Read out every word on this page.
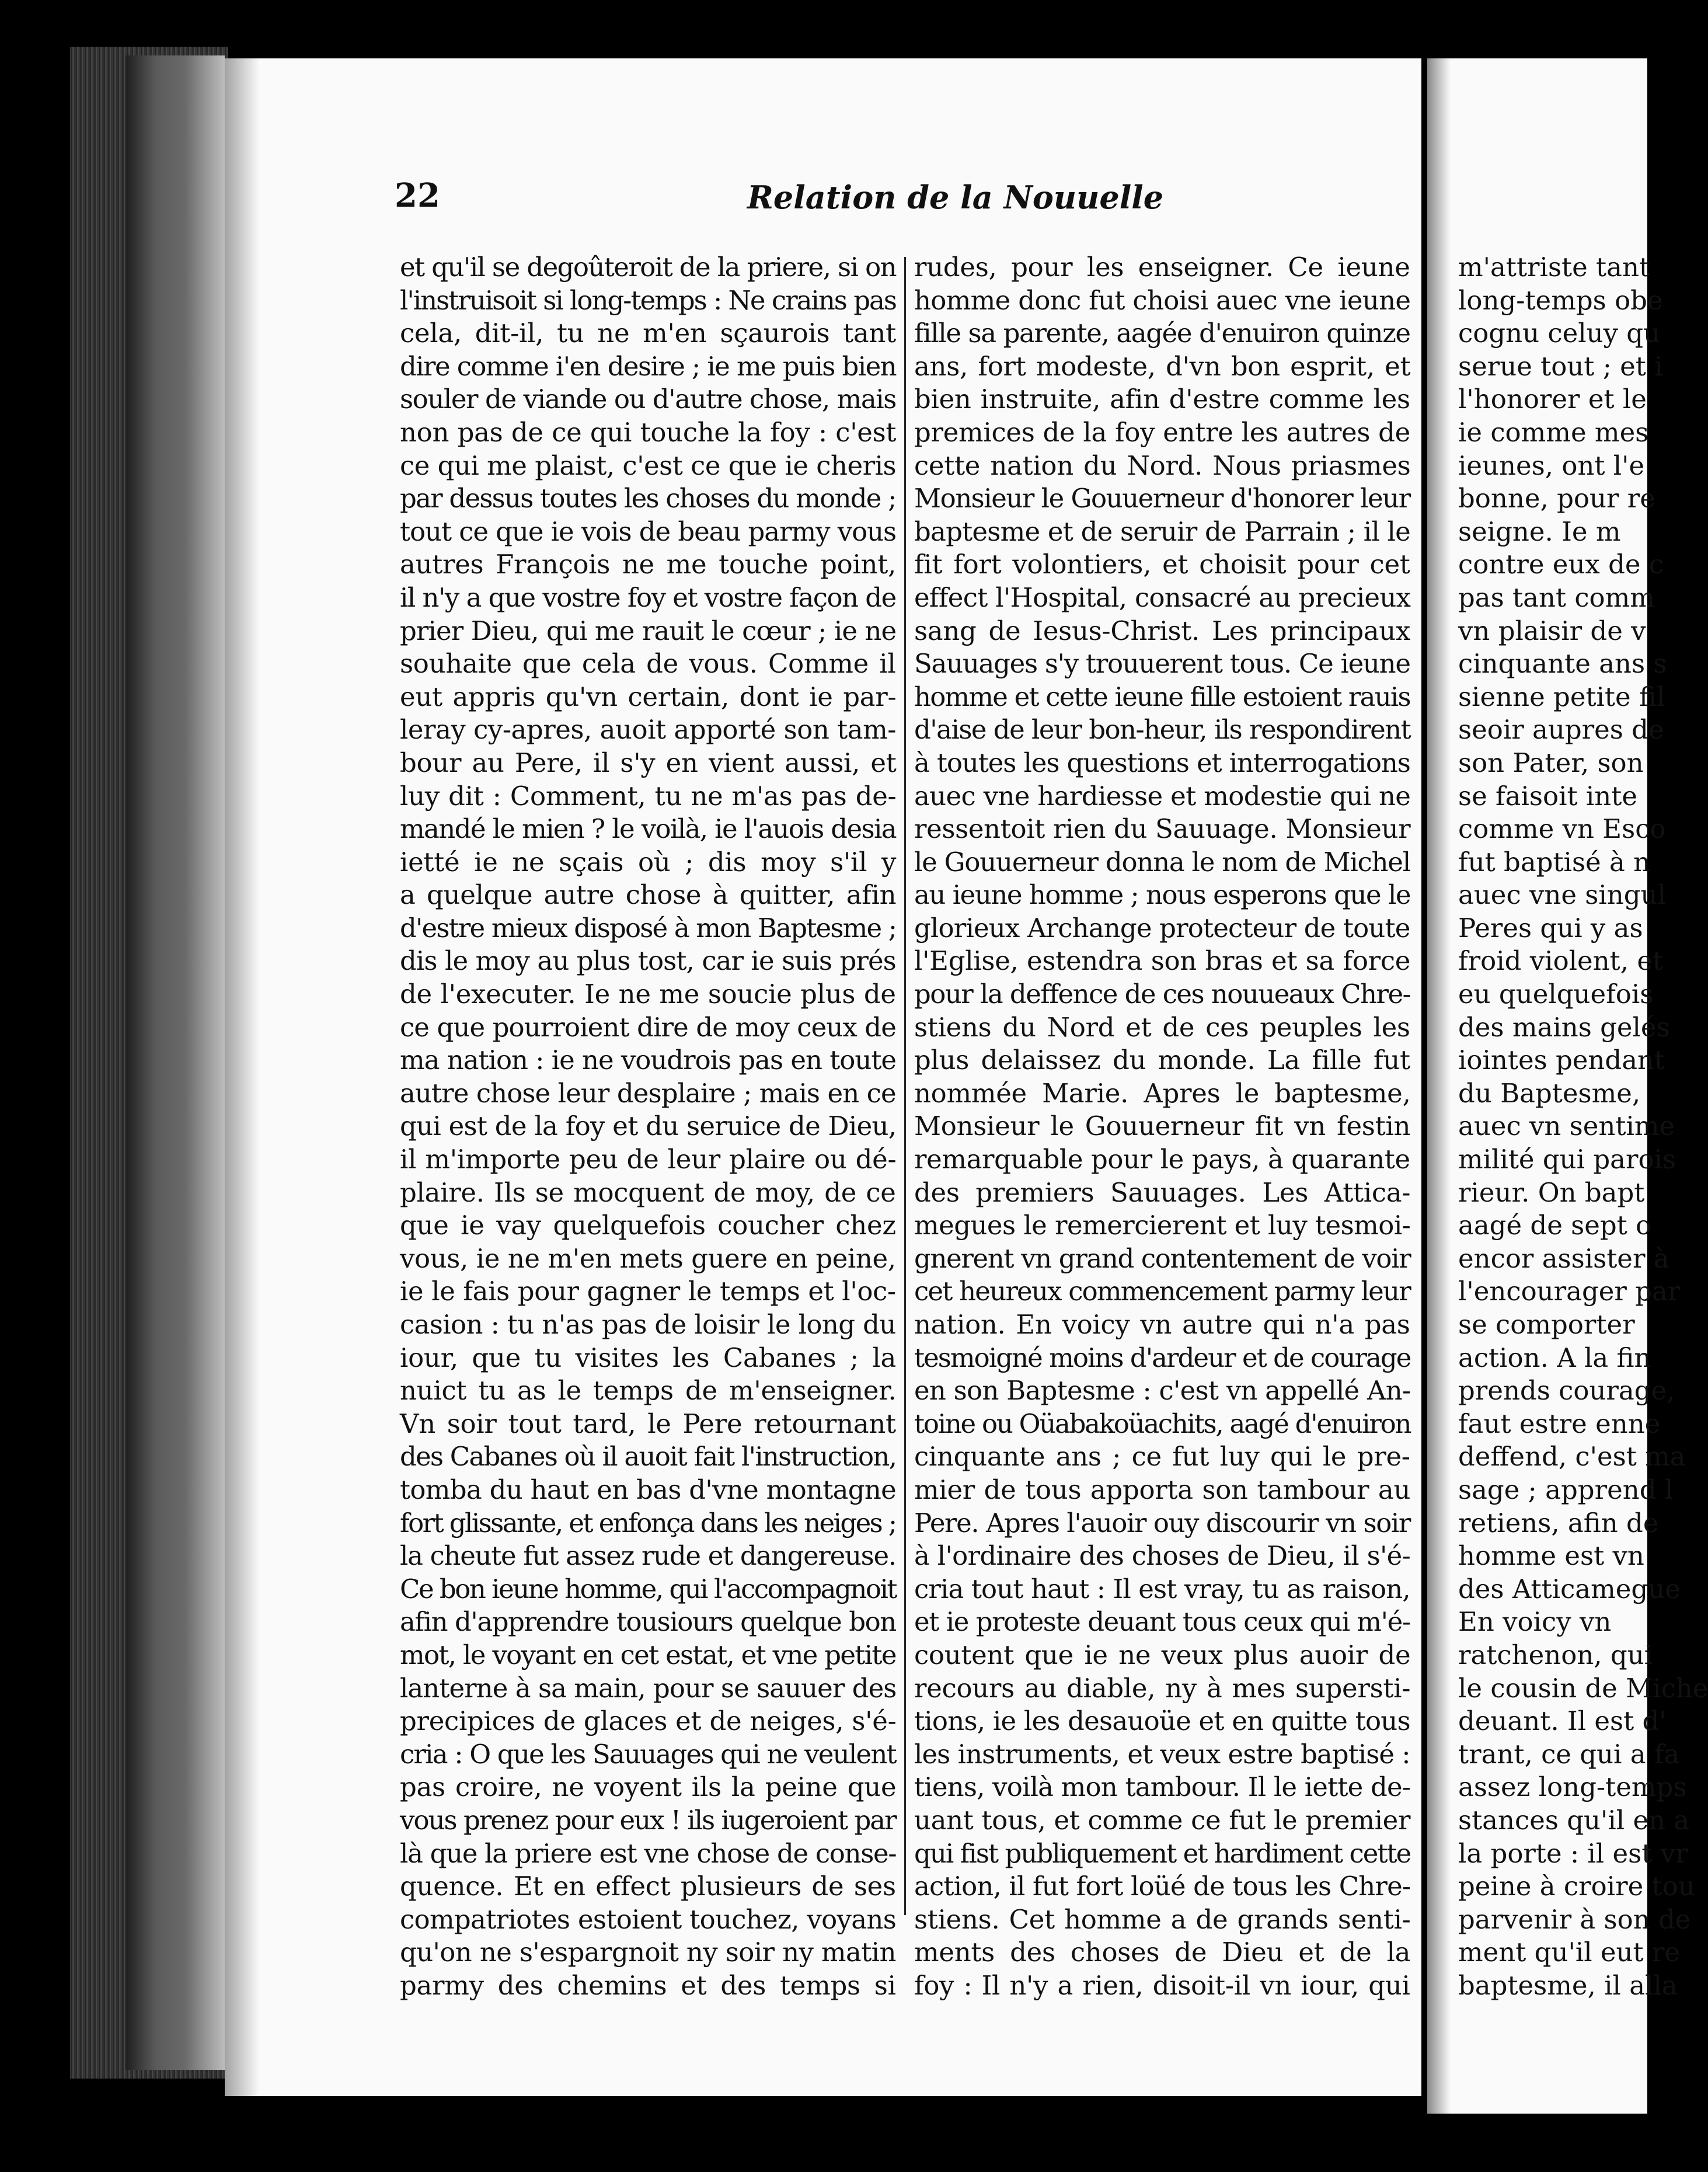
22	Relation de la Nouuelle
et qu'il se degoûteroit de la priere, si on
l'instruisoit si long-temps : Ne crains pas
cela, dit-il, tu ne m'en sçaurois tant
dire comme i'en desire ; ie me puis bien
souler de viande ou d'autre chose, mais
non pas de ce qui touche la foy : c'est
ce qui me plaist, c'est ce que ie cheris
par dessus toutes les choses du monde ;
tout ce que ie vois de beau parmy vous
autres François ne me touche point,
il n'y a que vostre foy et vostre façon de
prier Dieu, qui me rauit le cœur ; ie ne
souhaite que cela de vous. Comme il
eut appris qu'vn certain, dont ie par-
leray cy-apres, auoit apporté son tam-
bour au Pere, il s'y en vient aussi, et
luy dit : Comment, tu ne m'as pas de-
mandé le mien ? le voilà, ie l'auois desia
ietté ie ne sçais où ; dis moy s'il y
a quelque autre chose à quitter, afin
d'estre mieux disposé à mon Baptesme ;
dis le moy au plus tost, car ie suis prés
de l'executer. Ie ne me soucie plus de
ce que pourroient dire de moy ceux de
ma nation : ie ne voudrois pas en toute
autre chose leur desplaire ; mais en ce
qui est de la foy et du seruice de Dieu,
il m'importe peu de leur plaire ou dé-
plaire. Ils se mocquent de moy, de ce
que ie vay quelquefois coucher chez
vous, ie ne m'en mets guere en peine,
ie le fais pour gagner le temps et l'oc-
casion : tu n'as pas de loisir le long du
iour, que tu visites les Cabanes ; la
nuict tu as le temps de m'enseigner.
Vn soir tout tard, le Pere retournant
des Cabanes où il auoit fait l'instruction,
tomba du haut en bas d'vne montagne
fort glissante, et enfonça dans les neiges ;
la cheute fut assez rude et dangereuse.
Ce bon ieune homme, qui l'accompagnoit
afin d'apprendre tousiours quelque bon
mot, le voyant en cet estat, et vne petite
lanterne à sa main, pour se sauuer des
precipices de glaces et de neiges, s'é-
cria : O que les Sauuages qui ne veulent
pas croire, ne voyent ils la peine que
vous prenez pour eux ! ils iugeroient par
là que la priere est vne chose de conse-
quence. Et en effect plusieurs de ses
compatriotes estoient touchez, voyans
qu'on ne s'espargnoit ny soir ny matin
parmy des chemins et des temps si
rudes, pour les enseigner. Ce ieune
homme donc fut choisi auec vne ieune
fille sa parente, aagée d'enuiron quinze
ans, fort modeste, d'vn bon esprit, et
bien instruite, afin d'estre comme les
premices de la foy entre les autres de
cette nation du Nord. Nous priasmes
Monsieur le Gouuerneur d'honorer leur
baptesme et de seruir de Parrain ; il le
fit fort volontiers, et choisit pour cet
effect l'Hospital, consacré au precieux
sang de Iesus-Christ. Les principaux
Sauuages s'y trouuerent tous. Ce ieune
homme et cette ieune fille estoient rauis
d'aise de leur bon-heur, ils respondirent
à toutes les questions et interrogations
auec vne hardiesse et modestie qui ne
ressentoit rien du Sauuage. Monsieur
le Gouuerneur donna le nom de Michel
au ieune homme ; nous esperons que le
glorieux Archange protecteur de toute
l'Eglise, estendra son bras et sa force
pour la deffence de ces nouueaux Chre-
stiens du Nord et de ces peuples les
plus delaissez du monde. La fille fut
nommée Marie. Apres le baptesme,
Monsieur le Gouuerneur fit vn festin
remarquable pour le pays, à quarante
des premiers Sauuages. Les Attica-
megues le remercierent et luy tesmoi-
gnerent vn grand contentement de voir
cet heureux commencement parmy leur
nation. En voicy vn autre qui n'a pas
tesmoigné moins d'ardeur et de courage
en son Baptesme : c'est vn appellé An-
toine ou Oüabakoüachits, aagé d'enuiron
cinquante ans ; ce fut luy qui le pre-
mier de tous apporta son tambour au
Pere. Apres l'auoir ouy discourir vn soir
à l'ordinaire des choses de Dieu, il s'é-
cria tout haut : Il est vray, tu as raison,
et ie proteste deuant tous ceux qui m'é-
coutent que ie ne veux plus auoir de
recours au diable, ny à mes supersti-
tions, ie les desauoüe et en quitte tous
les instruments, et veux estre baptisé :
tiens, voilà mon tambour. Il le iette de-
uant tous, et comme ce fut le premier
qui fist publiquement et hardiment cette
action, il fut fort loüé de tous les Chre-
stiens. Cet homme a de grands senti-
ments des choses de Dieu et de la
foy : Il n'y a rien, disoit-il vn iour, qui
m'attriste tant
long-temps obe
cognu celuy qu
serue tout ; et i
l'honorer et le
ie comme mes
ieunes, ont l'e
bonne, pour re
seigne. Ie m
contre eux de c
pas tant comm
vn plaisir de v
cinquante ans s
sienne petite fil
seoir aupres de
son Pater, son
se faisoit inte
comme vn Esco
fut baptisé à n
auec vne singul
Peres qui y as
froid violent, et
eu quelquefois
des mains gelés
iointes pendant
du Baptesme,
auec vn sentime
milité qui parois
rieur. On bapt
aagé de sept o
encor assister à
l'encourager par
se comporter
action. A la fin
prends courage,
faut estre enne
deffend, c'est ma
sage ; apprend l
retiens, afin de
homme est vn
des Atticamegue
En voicy vn
ratchenon, qui
le cousin de Miche
deuant. Il est d'
trant, ce qui a fa
assez long-temps
stances qu'il en a
la porte : il est vr
peine à croire tou
parvenir à son de
ment qu'il eut re
baptesme, il alla
